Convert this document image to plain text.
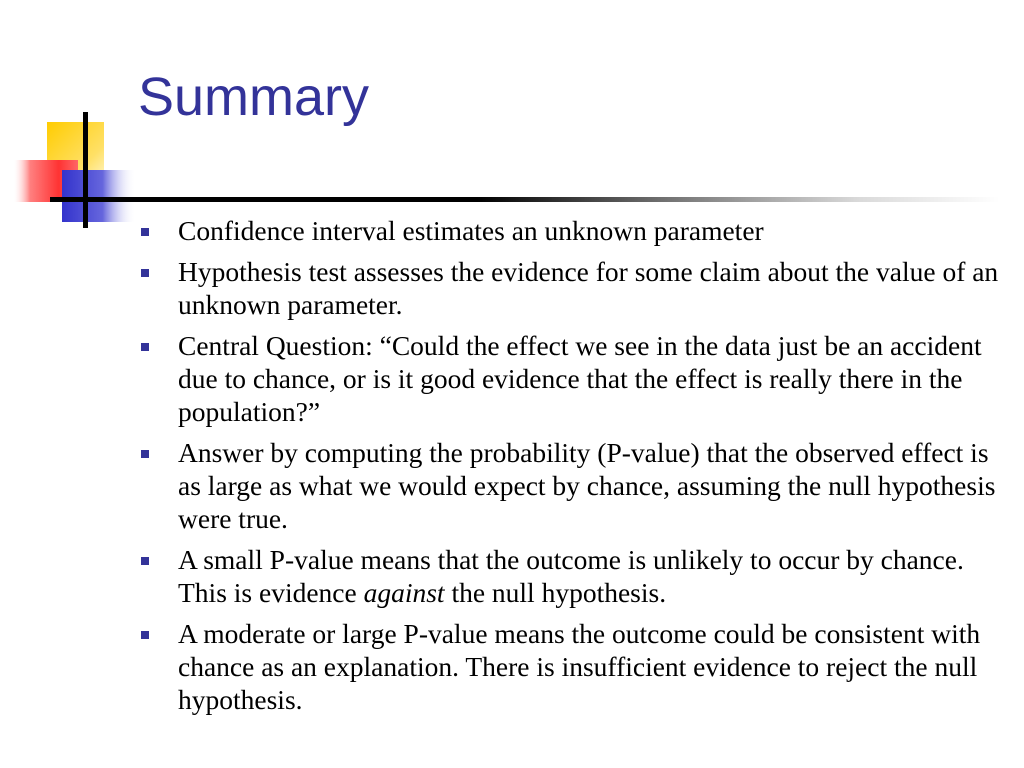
Summary
Confidence interval estimates an unknown parameter
Hypothesis test assesses the evidence for some claim about the value of an unknown parameter.
Central Question: “Could the effect we see in the data just be an accident due to chance, or is it good evidence that the effect is really there in the population?”
Answer by computing the probability (P-value) that the observed effect is as large as what we would expect by chance, assuming the null hypothesis were true.
A small P-value means that the outcome is unlikely to occur by chance. This is evidence against the null hypothesis.
A moderate or large P-value means the outcome could be consistent with chance as an explanation. There is insufficient evidence to reject the null hypothesis.
